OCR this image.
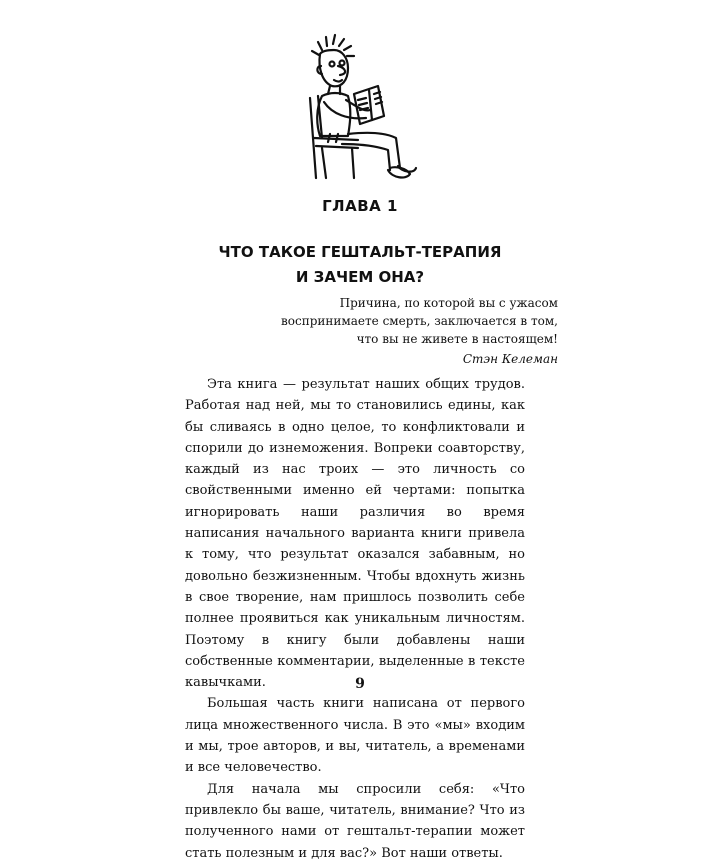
ГЛАВА 1
ЧТО ТАКОЕ ГЕШТАЛЬТ-ТЕРАПИЯ
И ЗАЧЕМ ОНА?
Причина, по которой вы с ужасом
воспринимаете смерть, заключается в том,
что вы не живете в настоящем!
Стэн Келеман

Эта книга — результат наших общих трудов. Работая над ней, мы то становились едины, как бы сливаясь в одно целое, то конфликтовали и спорили до изнеможения. Вопреки соавторству, каждый из нас троих — это личность со свойственными именно ей чертами: попытка игнорировать наши различия во время написания начального варианта книги привела к тому, что результат оказался забавным, но довольно безжизненным. Чтобы вдохнуть жизнь в свое творение, нам пришлось позволить себе полнее проявиться как уникальным личностям. Поэтому в книгу были добавлены наши собственные комментарии, выделенные в тексте кавычками.

Большая часть книги написана от первого лица множественного числа. В это «мы» входим и мы, трое авторов, и вы, читатель, а временами и все человечество.

Для начала мы спросили себя: «Что привлекло бы ваше, читатель, внимание? Что из полученного нами от гештальт-терапии может стать полезным и для вас?» Вот наши ответы.

9
